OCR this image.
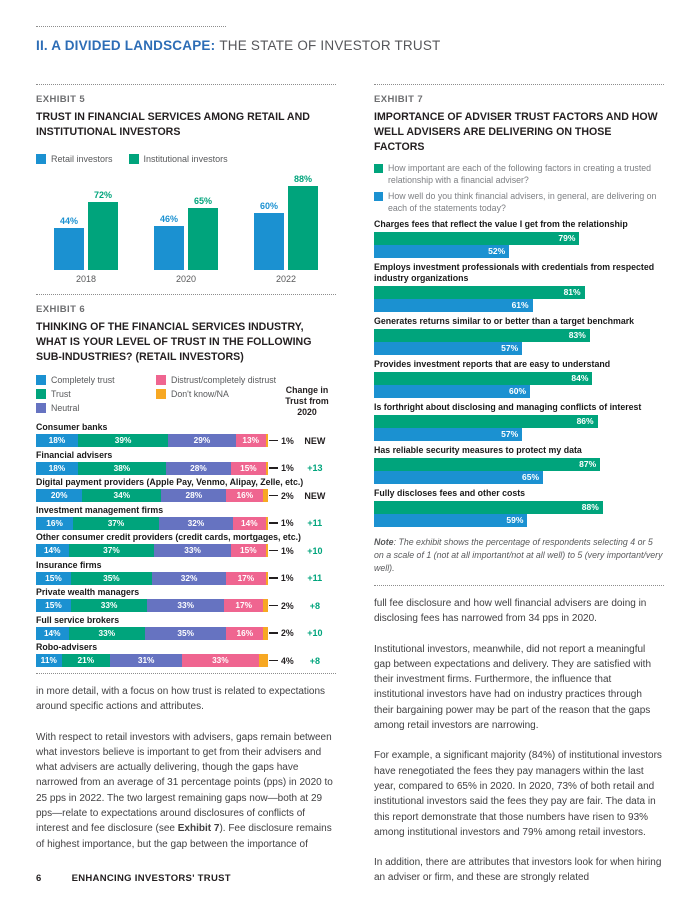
II. A DIVIDED LANDSCAPE: THE STATE OF INVESTOR TRUST
EXHIBIT 5
TRUST IN FINANCIAL SERVICES AMONG RETAIL AND INSTITUTIONAL INVESTORS
Retail investors	Institutional investors
44%
72%
2018
46%
65%
2020
60%
88%
2022
EXHIBIT 6
THINKING OF THE FINANCIAL SERVICES INDUSTRY, WHAT IS YOUR LEVEL OF TRUST IN THE FOLLOWING SUB-INDUSTRIES? (RETAIL INVESTORS)
Completely trust
Trust
Neutral
Distrust/completely distrust
Don't know/NA	Change in Trust from 2020
Consumer banks
18%	39%	29%	13%	1%	NEW
Financial advisers
18%	38%	28%	15%	1%	+13
Digital payment providers (Apple Pay, Venmo, Alipay, Zelle, etc.)
20%	34%	28%	16%	2%	NEW
Investment management firms
16%	37%	32%	14%	1%	+11
Other consumer credit providers (credit cards, mortgages, etc.)
14%	37%	33%	15%	1%	+10
Insurance firms
15%	35%	32%	17%	1%	+11
Private wealth managers
15%	33%	33%	17%	2%	+8
Full service brokers
14%	33%	35%	16%	2%	+10
Robo-advisers
11%	21%	31%	33%	4%	+8

in more detail, with a focus on how trust is related to expectations around specific actions and attributes.

With respect to retail investors with advisers, gaps remain between what investors believe is important to get from their advisers and what advisers are actually delivering, though the gaps have narrowed from an average of 31 percentage points (pps) in 2020 to 25 pps in 2022. The two largest remaining gaps now—both at 29 pps—relate to expectations around disclosures of conflicts of interest and fee disclosure (see Exhibit 7). Fee disclosure remains of highest importance, but the gap between the importance of

EXHIBIT 7
IMPORTANCE OF ADVISER TRUST FACTORS AND HOW WELL ADVISERS ARE DELIVERING ON THOSE FACTORS
How important are each of the following factors in creating a trusted relationship with a financial adviser?
How well do you think financial advisers, in general, are delivering on each of the statements today?
Charges fees that reflect the value I get from the relationship
79%
52%
Employs investment professionals with credentials from respected industry organizations
81%
61%
Generates returns similar to or better than a target benchmark
83%
57%
Provides investment reports that are easy to understand
84%
60%
Is forthright about disclosing and managing conflicts of interest
86%
57%
Has reliable security measures to protect my data
87%
65%
Fully discloses fees and other costs
88%
59%
Note: The exhibit shows the percentage of respondents selecting 4 or 5 on a scale of 1 (not at all important/not at all well) to 5 (very important/very well).

full fee disclosure and how well financial advisers are doing in disclosing fees has narrowed from 34 pps in 2020.

Institutional investors, meanwhile, did not report a meaningful gap between expectations and delivery. They are satisfied with their investment firms. Furthermore, the influence that institutional investors have had on industry practices through their bargaining power may be part of the reason that the gaps among retail investors are narrowing.

For example, a significant majority (84%) of institutional investors have renegotiated the fees they pay managers within the last year, compared to 65% in 2020. In 2020, 73% of both retail and institutional investors said the fees they pay are fair. The data in this report demonstrate that those numbers have risen to 93% among institutional investors and 79% among retail investors.

In addition, there are attributes that investors look for when hiring an adviser or firm, and these are strongly related

6	ENHANCING INVESTORS' TRUST
